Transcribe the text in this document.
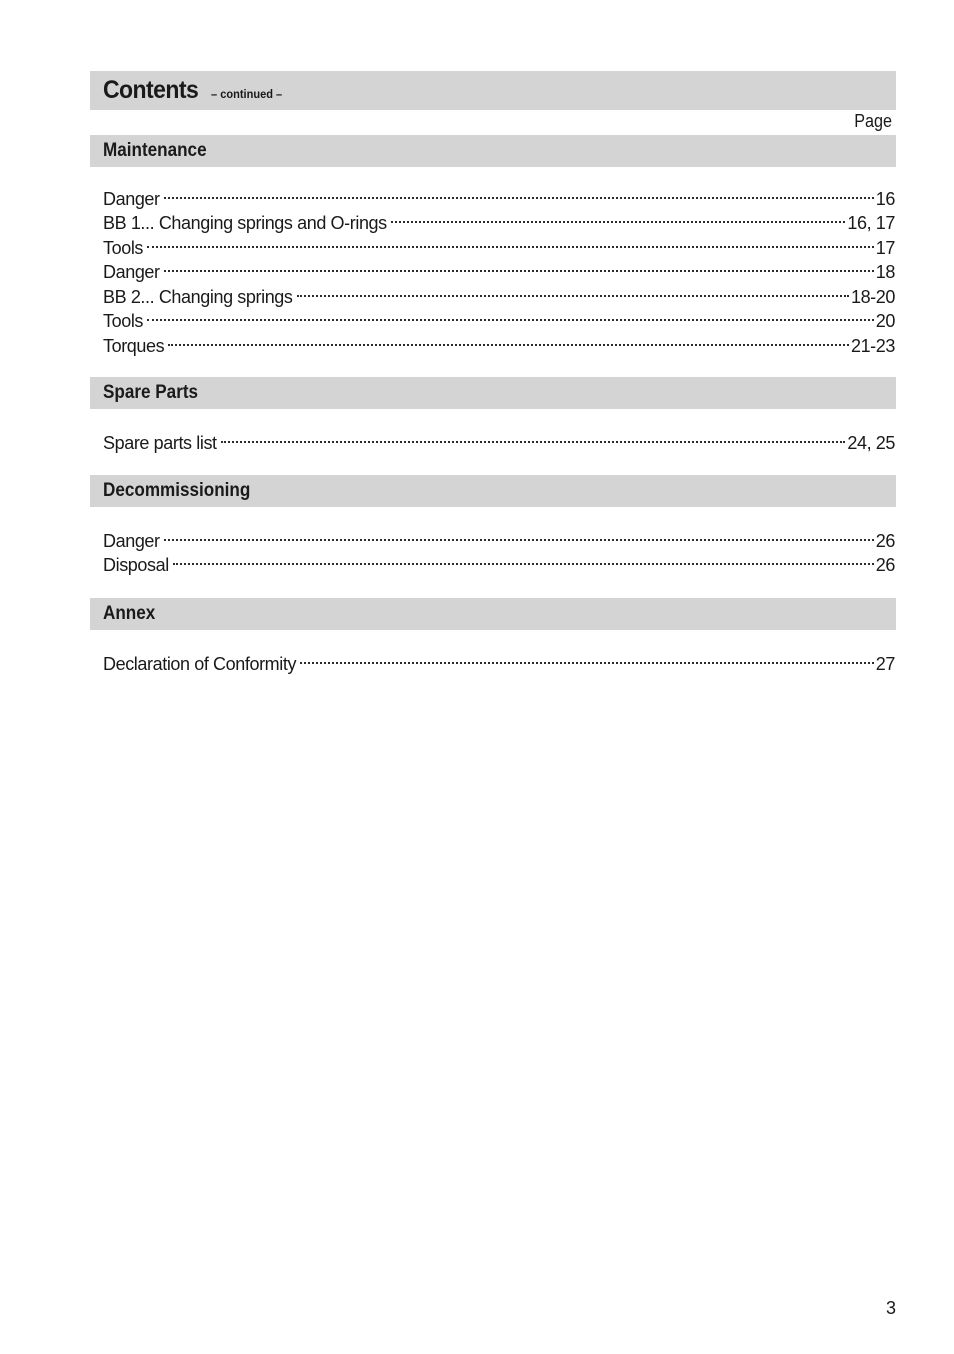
Contents – continued –
Page
Maintenance
Danger	16
BB 1... Changing springs and O-rings	16, 17
Tools	17
Danger	18
BB 2... Changing springs	18-20
Tools	20
Torques	21-23
Spare Parts
Spare parts list	24, 25
Decommissioning
Danger	26
Disposal	26
Annex
Declaration of Conformity	27
3
